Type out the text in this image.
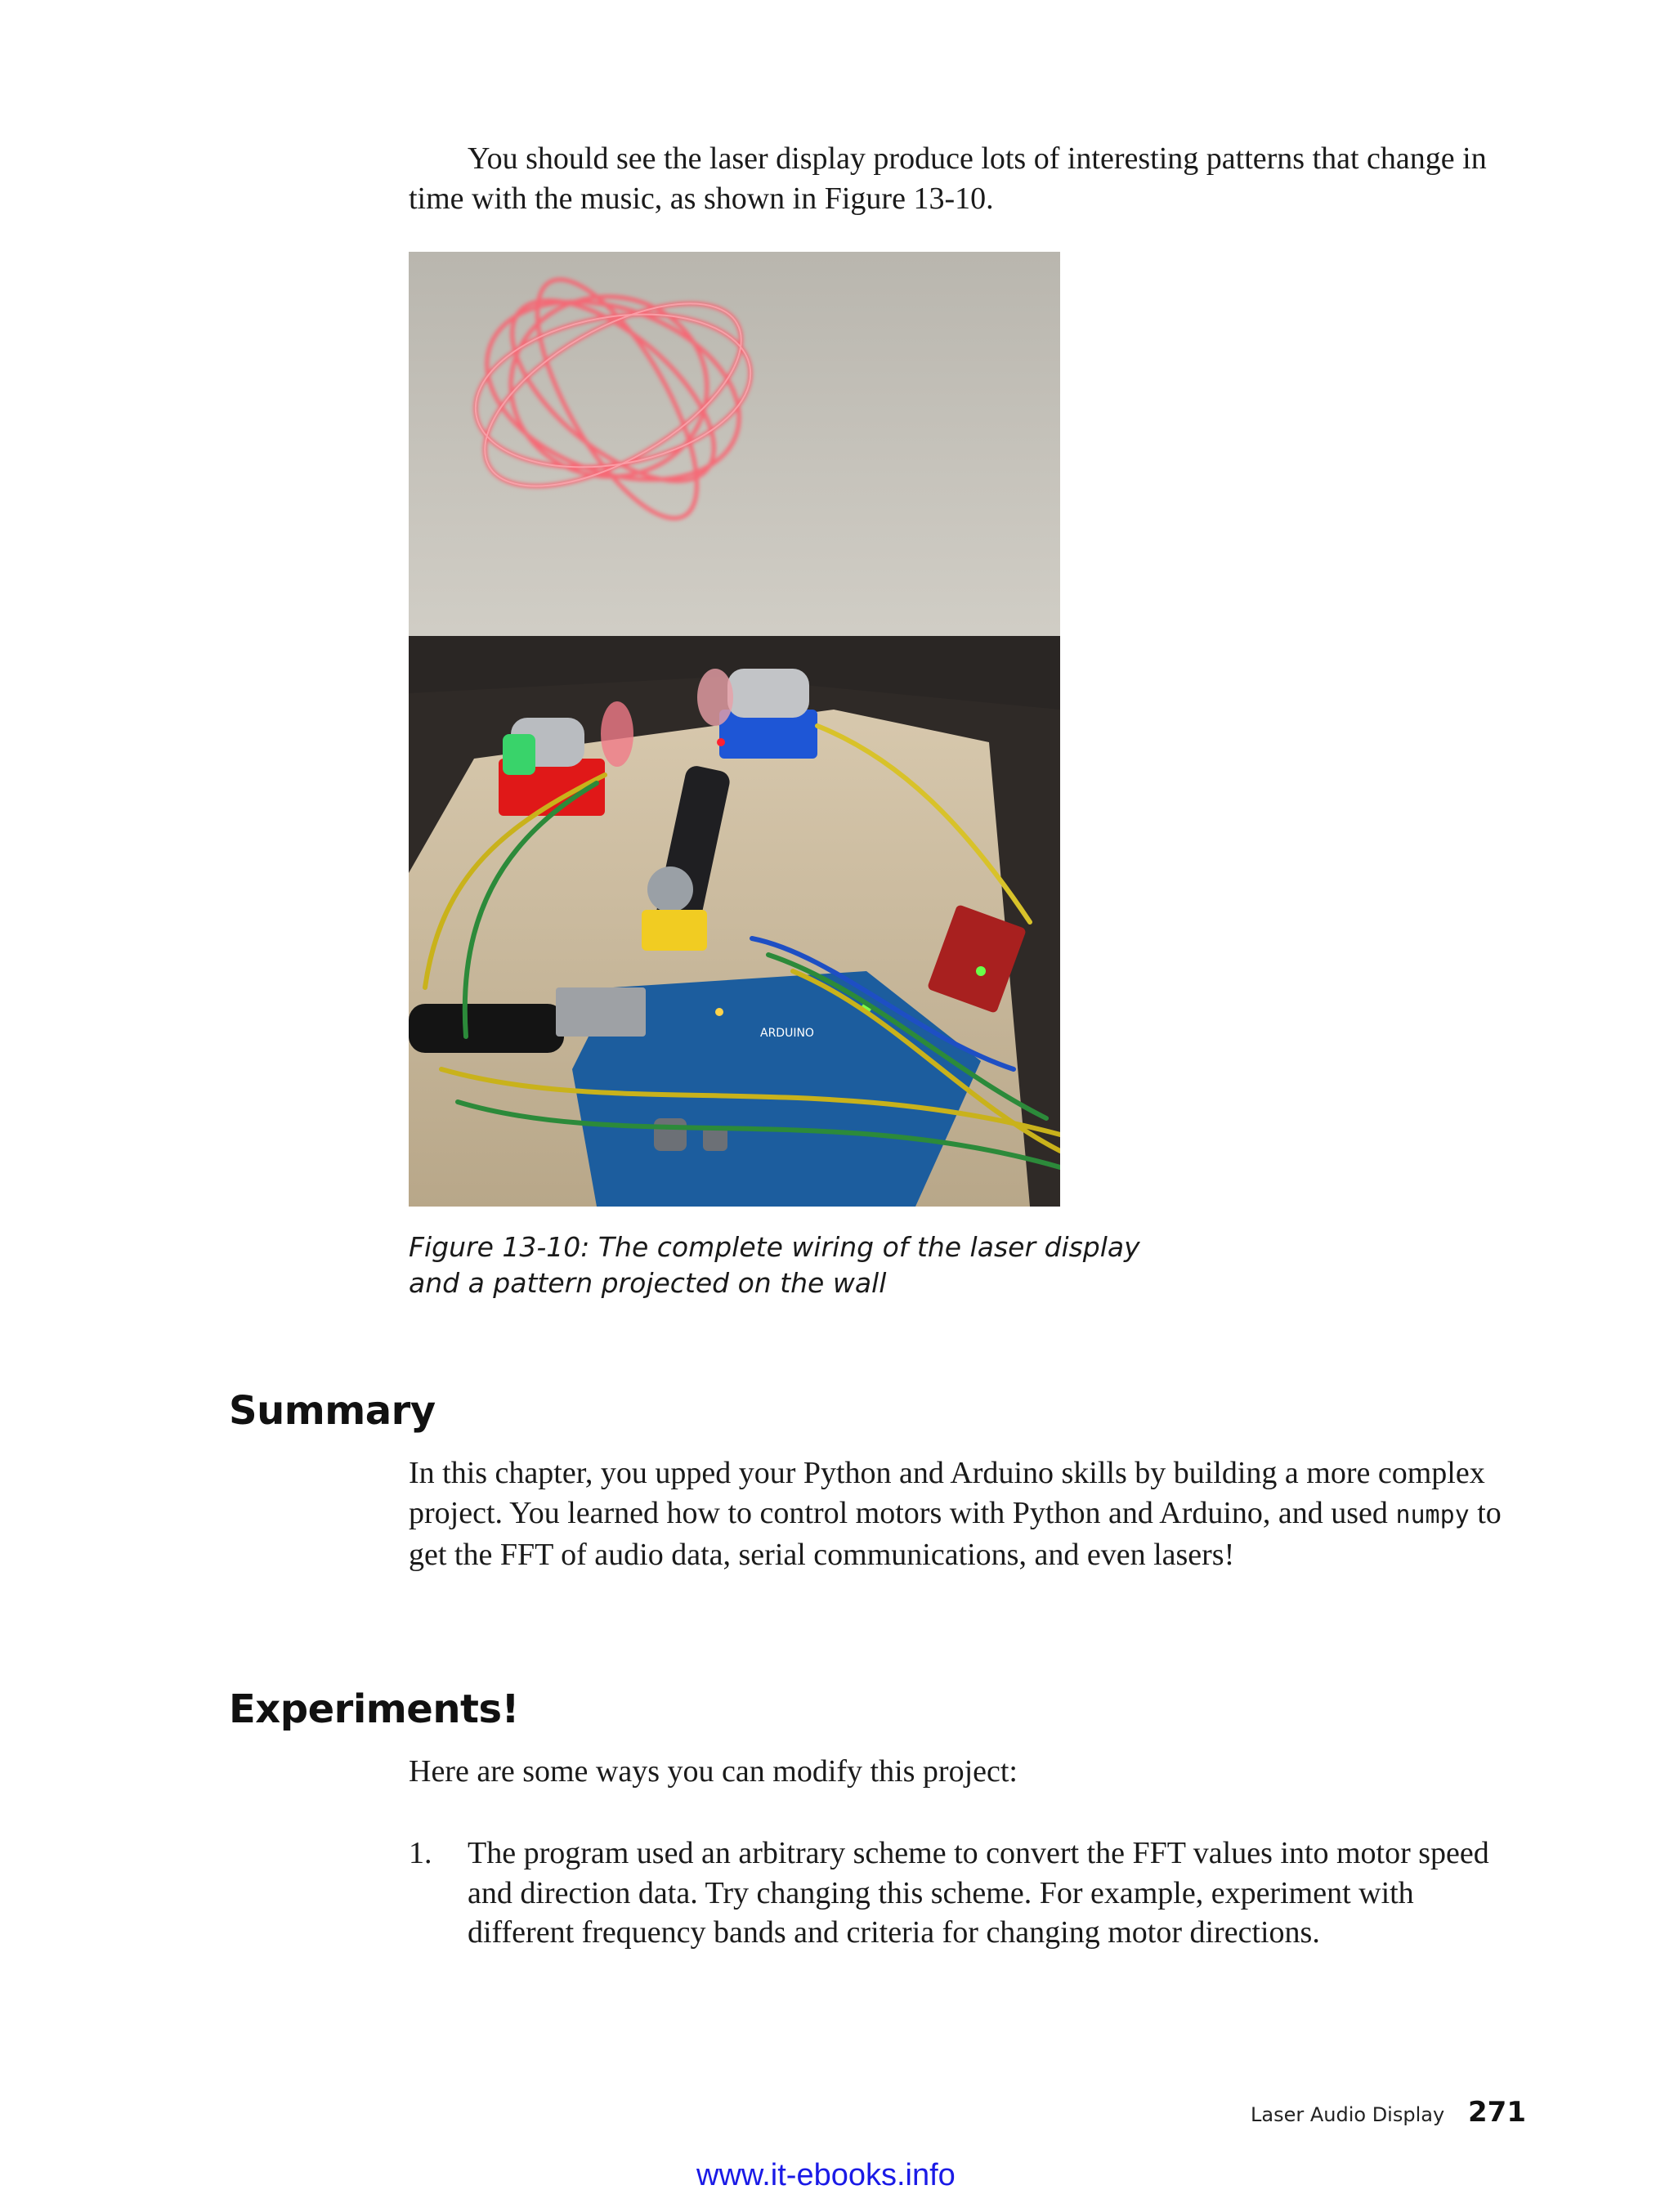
You should see the laser display produce lots of interesting patterns that change in time with the music, as shown in Figure 13-10.

ARDUINO

Figure 13-10: The complete wiring of the laser display
and a pattern projected on the wall

Summary

In this chapter, you upped your Python and Arduino skills by building a more complex project. You learned how to control motors with Python and Arduino, and used numpy to get the FFT of audio data, serial communications, and even lasers!

Experiments!

Here are some ways you can modify this project:

1. The program used an arbitrary scheme to convert the FFT values into motor speed and direction data. Try changing this scheme. For example, experiment with different frequency bands and criteria for changing motor directions.
Laser Audio Display 271
www.it-ebooks.info
